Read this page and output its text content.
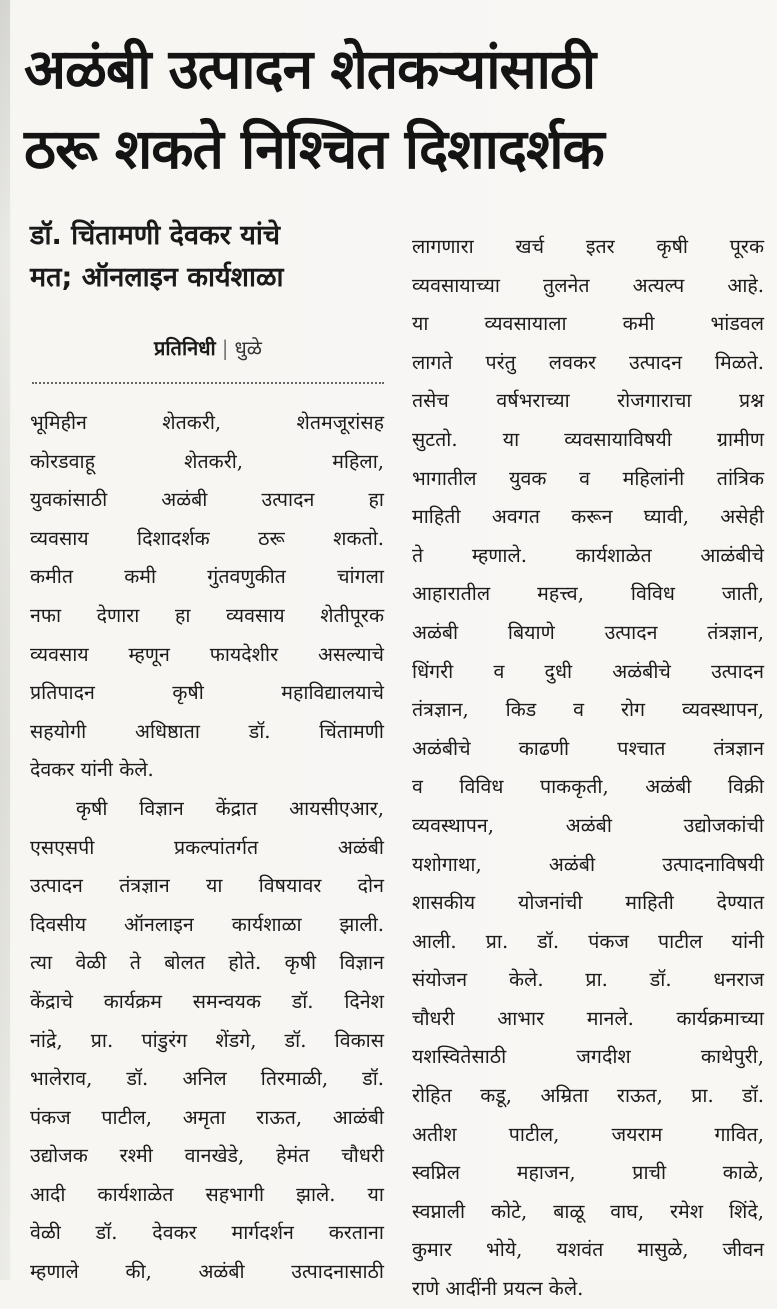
अळंबी उत्पादन शेतकऱ्यांसाठी
ठरू शकते निश्चित दिशादर्शक
डॉ. चिंतामणी देवकर यांचे
मत; ऑनलाइन कार्यशाळा
प्रतिनिधी | धुळे
भूमिहीन शेतकरी, शेतमजूरांसह
कोरडवाहू शेतकरी, महिला,
युवकांसाठी अळंबी उत्पादन हा
व्यवसाय दिशादर्शक ठरू शकतो.
कमीत कमी गुंतवणुकीत चांगला
नफा देणारा हा व्यवसाय शेतीपूरक
व्यवसाय म्हणून फायदेशीर असल्याचे
प्रतिपादन कृषी महाविद्यालयाचे
सहयोगी अधिष्ठाता डॉ. चिंतामणी
देवकर यांनी केले.
कृषी विज्ञान केंद्रात आयसीएआर,
एसएसपी प्रकल्पांतर्गत अळंबी
उत्पादन तंत्रज्ञान या विषयावर दोन
दिवसीय ऑनलाइन कार्यशाळा झाली.
त्या वेळी ते बोलत होते. कृषी विज्ञान
केंद्राचे कार्यक्रम समन्वयक डॉ. दिनेश
नांद्रे, प्रा. पांडुरंग शेंडगे, डॉ. विकास
भालेराव, डॉ. अनिल तिरमाळी, डॉ.
पंकज पाटील, अमृता राऊत, आळंबी
उद्योजक रश्मी वानखेडे, हेमंत चौधरी
आदी कार्यशाळेत सहभागी झाले. या
वेळी डॉ. देवकर मार्गदर्शन करताना
म्हणाले की, अळंबी उत्पादनासाठी
लागणारा खर्च इतर कृषी पूरक
व्यवसायाच्या तुलनेत अत्यल्प आहे.
या व्यवसायाला कमी भांडवल
लागते परंतु लवकर उत्पादन मिळते.
तसेच वर्षभराच्या रोजगाराचा प्रश्न
सुटतो. या व्यवसायाविषयी ग्रामीण
भागातील युवक व महिलांनी तांत्रिक
माहिती अवगत करून घ्यावी, असेही
ते म्हणाले. कार्यशाळेत आळंबीचे
आहारातील महत्त्व, विविध जाती,
अळंबी बियाणे उत्पादन तंत्रज्ञान,
धिंगरी व दुधी अळंबीचे उत्पादन
तंत्रज्ञान, किड व रोग व्यवस्थापन,
अळंबीचे काढणी पश्चात तंत्रज्ञान
व विविध पाककृती, अळंबी विक्री
व्यवस्थापन, अळंबी उद्योजकांची
यशोगाथा, अळंबी उत्पादनाविषयी
शासकीय योजनांची माहिती देण्यात
आली. प्रा. डॉ. पंकज पाटील यांनी
संयोजन केले. प्रा. डॉ. धनराज
चौधरी आभार मानले. कार्यक्रमाच्या
यशस्वितेसाठी जगदीश काथेपुरी,
रोहित कडू, अम्रिता राऊत, प्रा. डॉ.
अतीश पाटील, जयराम गावित,
स्वप्निल महाजन, प्राची काळे,
स्वप्नाली कोटे, बाळू वाघ, रमेश शिंदे,
कुमार भोये, यशवंत मासुळे, जीवन
राणे आदींनी प्रयत्न केले.
